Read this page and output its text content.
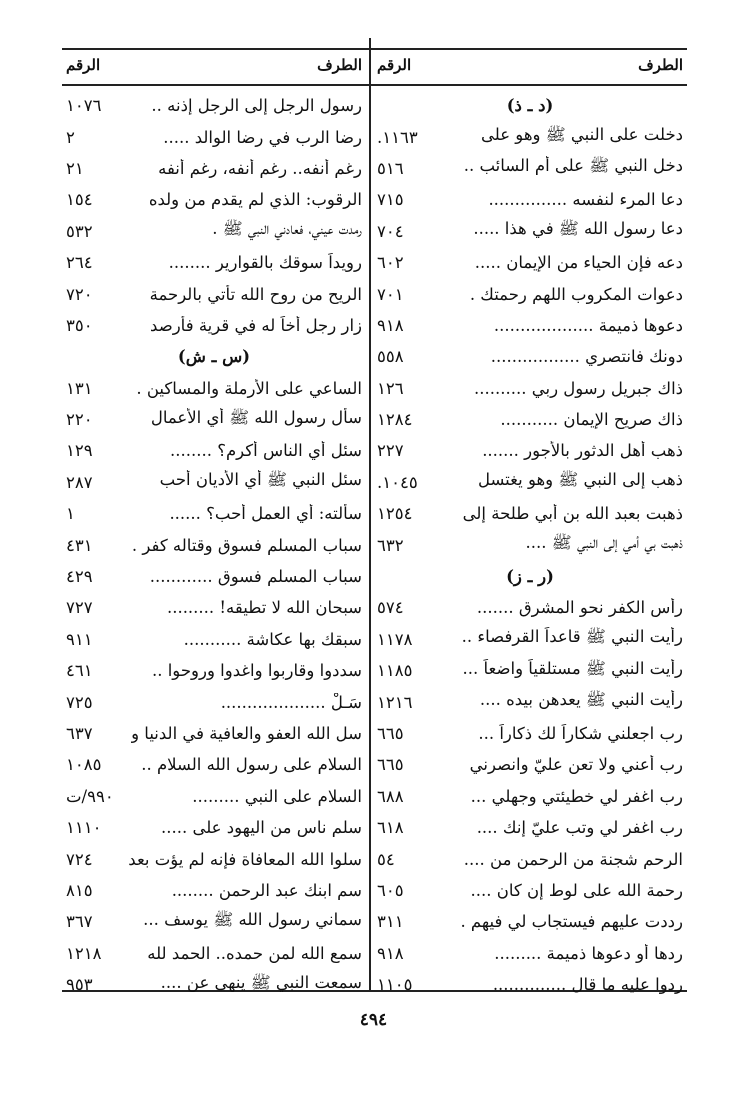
الطرف
الرقم
(د ـ ذ)
دخلت على النبي ﷺ وهو على
١١٦٣.
دخل النبي ﷺ على أم السائب ..
٥١٦
دعا المرء لنفسه ...............
٧١٥
دعا رسول الله ﷺ في هذا .....
٧٠٤
دعه فإن الحياء من الإيمان .....
٦٠٢
دعوات المكروب اللهم رحمتك .
٧٠١
دعوها ذميمة ...................
٩١٨
دونك فانتصري .................
٥٥٨
ذاك جبريل رسول ربي ..........
١٢٦
ذاك صريح الإيمان ...........
١٢٨٤
ذهب أهل الدثور بالأجور .......
٢٢٧
ذهب إلى النبي ﷺ وهو يغتسل
١٠٤٥.
ذهبت بعبد الله بن أبي طلحة إلى
١٢٥٤
ذهبت بي أمي إلى النبي ﷺ ....
٦٣٢
(ر ـ ز)
رأس الكفر نحو المشرق .......
٥٧٤
رأيت النبي ﷺ قاعداً القرفصاء ..
١١٧٨
رأيت النبي ﷺ مستلقياً واضعاً ...
١١٨٥
رأيت النبي ﷺ يعدهن بيده ....
١٢١٦
رب اجعلني شكاراً لك ذكاراً ...
٦٦٥
رب أعني ولا تعن عليّ وانصرني
٦٦٥
رب اغفر لي خطيئتي وجهلي ...
٦٨٨
رب اغفر لي وتب عليّ إنك ....
٦١٨
الرحم شجنة من الرحمن من ....
٥٤
رحمة الله على لوط إن كان ....
٦٠٥
رددت عليهم فيستجاب لي فيهم .
٣١١
ردها أو دعوها ذميمة .........
٩١٨
ردوا عليه ما قال ..............
١١٠٥
الطرف
الرقم
رسول الرجل إلى الرجل إذنه ..
١٠٧٦
رضا الرب في رضا الوالد .....
٢
رغم أنفه.. رغم أنفه، رغم أنفه
٢١
الرقوب: الذي لم يقدم من ولده
١٥٤
رمدت عيني، فعادني النبي ﷺ .
٥٣٢
رويداً سوقك بالقوارير ........
٢٦٤
الريح من روح الله تأتي بالرحمة
٧٢٠
زار رجل أخاً له في قرية فأرصد
٣٥٠
(س ـ ش)
الساعي على الأرملة والمساكين .
١٣١
سأل رسول الله ﷺ أي الأعمال
٢٢٠
سئل أي الناس أكرم؟ ........
١٢٩
سئل النبي ﷺ أي الأديان أحب
٢٨٧
سألته: أي العمل أحب؟ ......
١
سباب المسلم فسوق وقتاله كفر .
٤٣١
سباب المسلم فسوق ............
٤٢٩
سبحان الله لا تطيقه! .........
٧٢٧
سبقك بها عكاشة ...........
٩١١
سددوا وقاربوا واغدوا وروحوا ..
٤٦١
سَـلْ ....................
٧٢٥
سل الله العفو والعافية في الدنيا و
٦٣٧
السلام على رسول الله السلام ..
١٠٨٥
السلام على النبي .........
٩٩٠/ت
سلم ناس من اليهود على .....
١١١٠
سلوا الله المعافاة فإنه لم يؤت بعد
٧٢٤
سم ابنك عبد الرحمن ........
٨١٥
سماني رسول الله ﷺ يوسف ...
٣٦٧
سمع الله لمن حمده.. الحمد لله
١٢١٨
سمعت النبي ﷺ ينهى عن ....
٩٥٣
٤٩٤
